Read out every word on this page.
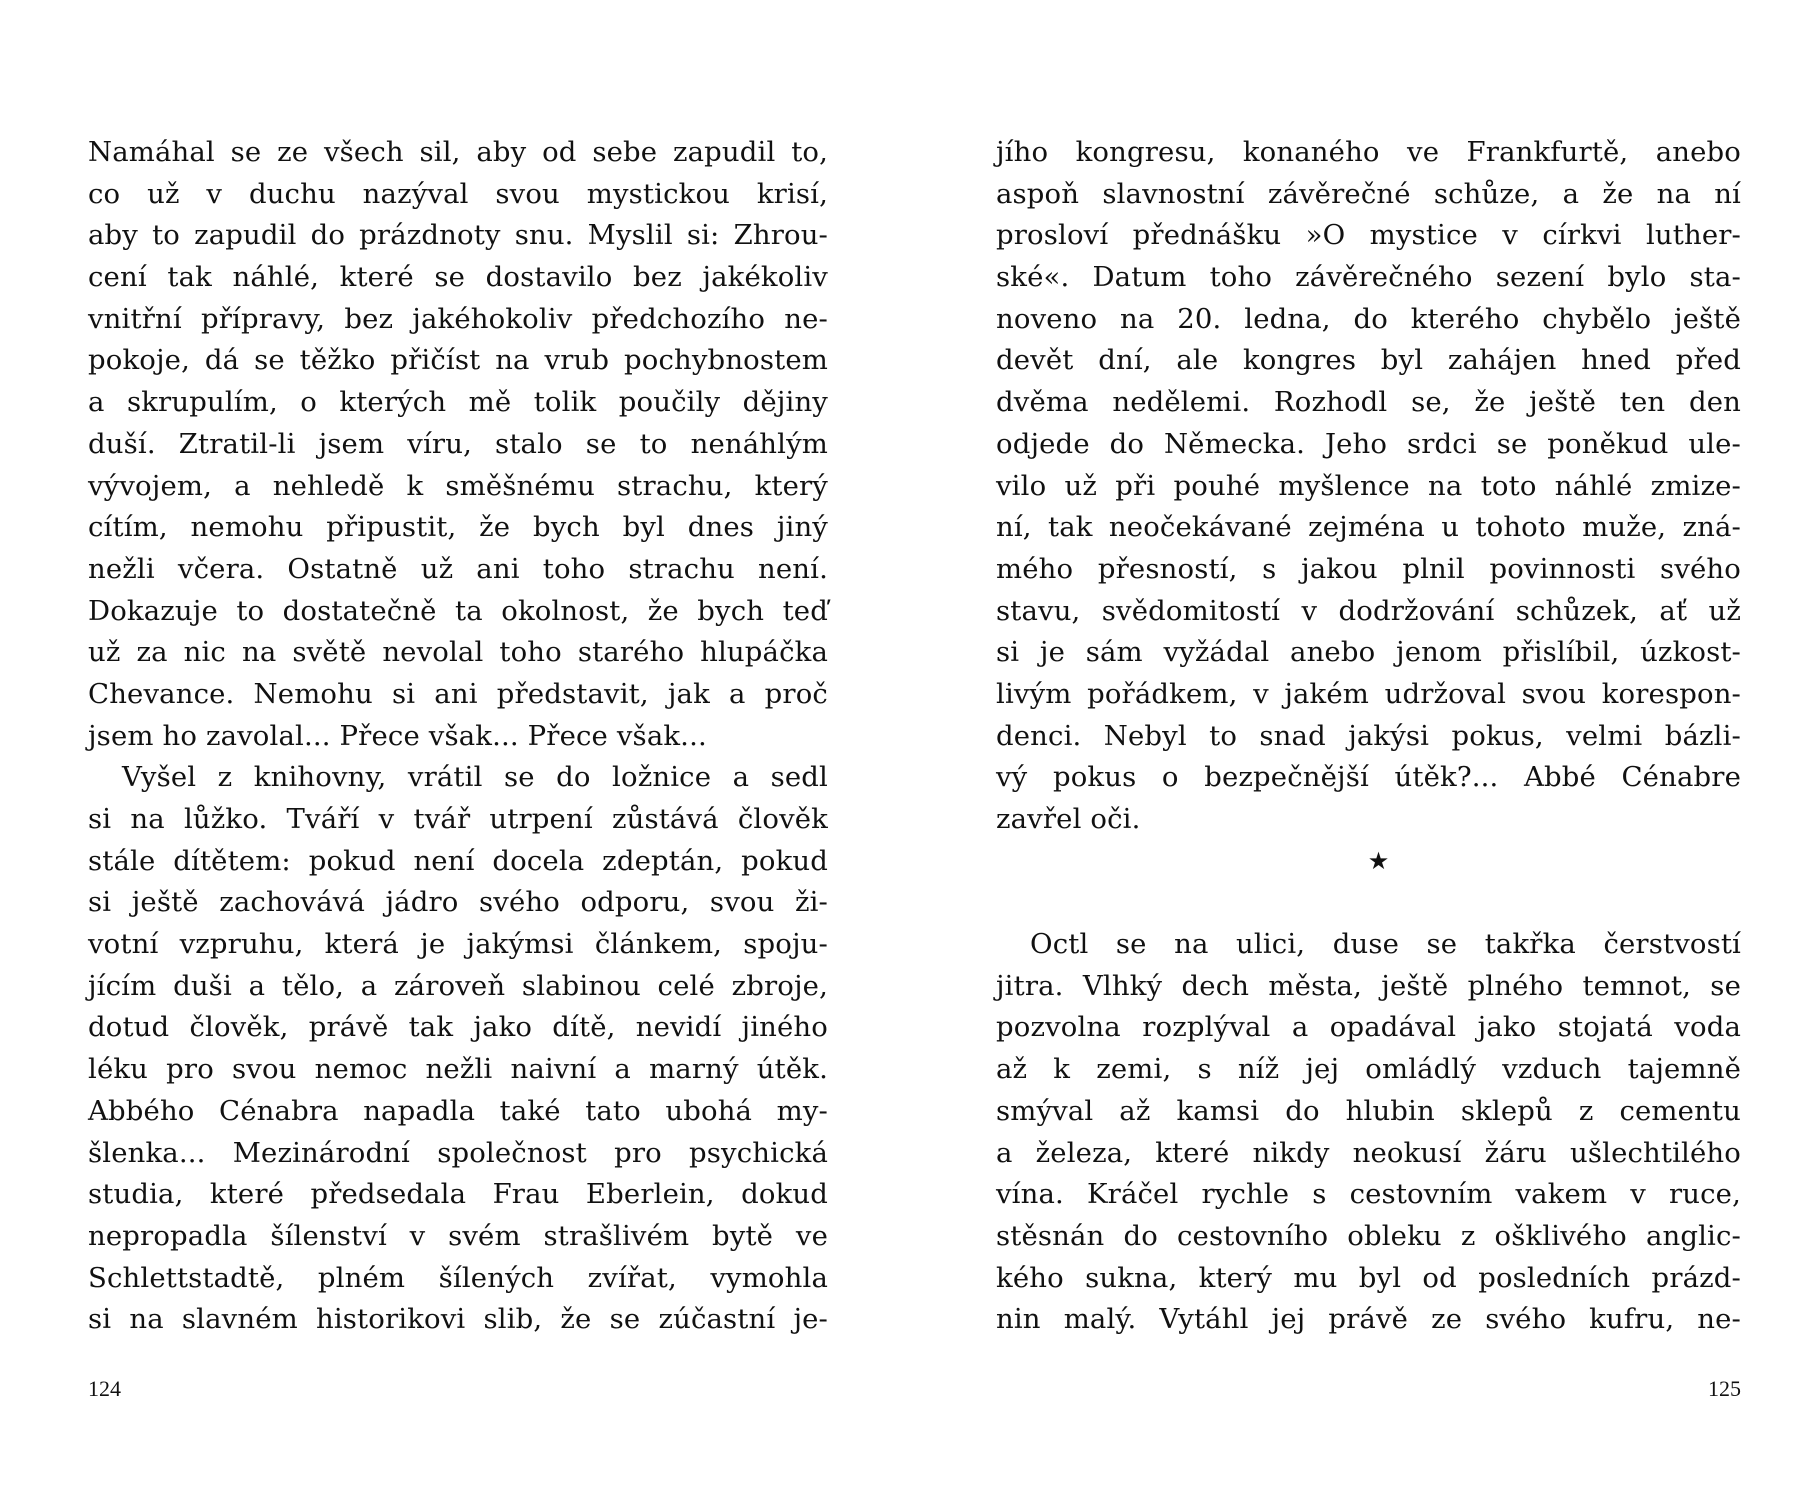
Namáhal se ze všech sil, aby od sebe zapudil to,
co už v duchu nazýval svou mystickou krisí,
aby to zapudil do prázdnoty snu. Myslil si: Zhrou-
cení tak náhlé, které se dostavilo bez jakékoliv
vnitřní přípravy, bez jakéhokoliv předchozího ne-
pokoje, dá se těžko přičíst na vrub pochybnostem
a skrupulím, o kterých mě tolik poučily dějiny
duší. Ztratil-li jsem víru, stalo se to nenáhlým
vývojem, a nehledě k směšnému strachu, který
cítím, nemohu připustit, že bych byl dnes jiný
nežli včera. Ostatně už ani toho strachu není.
Dokazuje to dostatečně ta okolnost, že bych teď
už za nic na světě nevolal toho starého hlupáčka
Chevance. Nemohu si ani představit, jak a proč
jsem ho zavolal... Přece však... Přece však...
Vyšel z knihovny, vrátil se do ložnice a sedl
si na lůžko. Tváří v tvář utrpení zůstává člověk
stále dítětem: pokud není docela zdeptán, pokud
si ještě zachovává jádro svého odporu, svou ži-
votní vzpruhu, která je jakýmsi článkem, spoju-
jícím duši a tělo, a zároveň slabinou celé zbroje,
dotud člověk, právě tak jako dítě, nevidí jiného
léku pro svou nemoc nežli naivní a marný útěk.
Abbého Cénabra napadla také tato ubohá my-
šlenka... Mezinárodní společnost pro psychická
studia, které předsedala Frau Eberlein, dokud
nepropadla šílenství v svém strašlivém bytě ve
Schlettstadtě, plném šílených zvířat, vymohla
si na slavném historikovi slib, že se zúčastní je-
124
jího kongresu, konaného ve Frankfurtě, anebo
aspoň slavnostní závěrečné schůze, a že na ní
prosloví přednášku »O mystice v církvi luther-
ské«. Datum toho závěrečného sezení bylo sta-
noveno na 20. ledna, do kterého chybělo ještě
devět dní, ale kongres byl zahájen hned před
dvěma nedělemi. Rozhodl se, že ještě ten den
odjede do Německa. Jeho srdci se poněkud ule-
vilo už při pouhé myšlence na toto náhlé zmize-
ní, tak neočekávané zejména u tohoto muže, zná-
mého přesností, s jakou plnil povinnosti svého
stavu, svědomitostí v dodržování schůzek, ať už
si je sám vyžádal anebo jenom přislíbil, úzkost-
livým pořádkem, v jakém udržoval svou korespon-
denci. Nebyl to snad jakýsi pokus, velmi bázli-
vý pokus o bezpečnější útěk?... Abbé Cénabre
zavřel oči.
★
Octl se na ulici, duse se takřka čerstvostí
jitra. Vlhký dech města, ještě plného temnot, se
pozvolna rozplýval a opadával jako stojatá voda
až k zemi, s níž jej omládlý vzduch tajemně
smýval až kamsi do hlubin sklepů z cementu
a železa, které nikdy neokusí žáru ušlechtilého
vína. Kráčel rychle s cestovním vakem v ruce,
stěsnán do cestovního obleku z ošklivého anglic-
kého sukna, který mu byl od posledních prázd-
nin malý. Vytáhl jej právě ze svého kufru, ne-
125
